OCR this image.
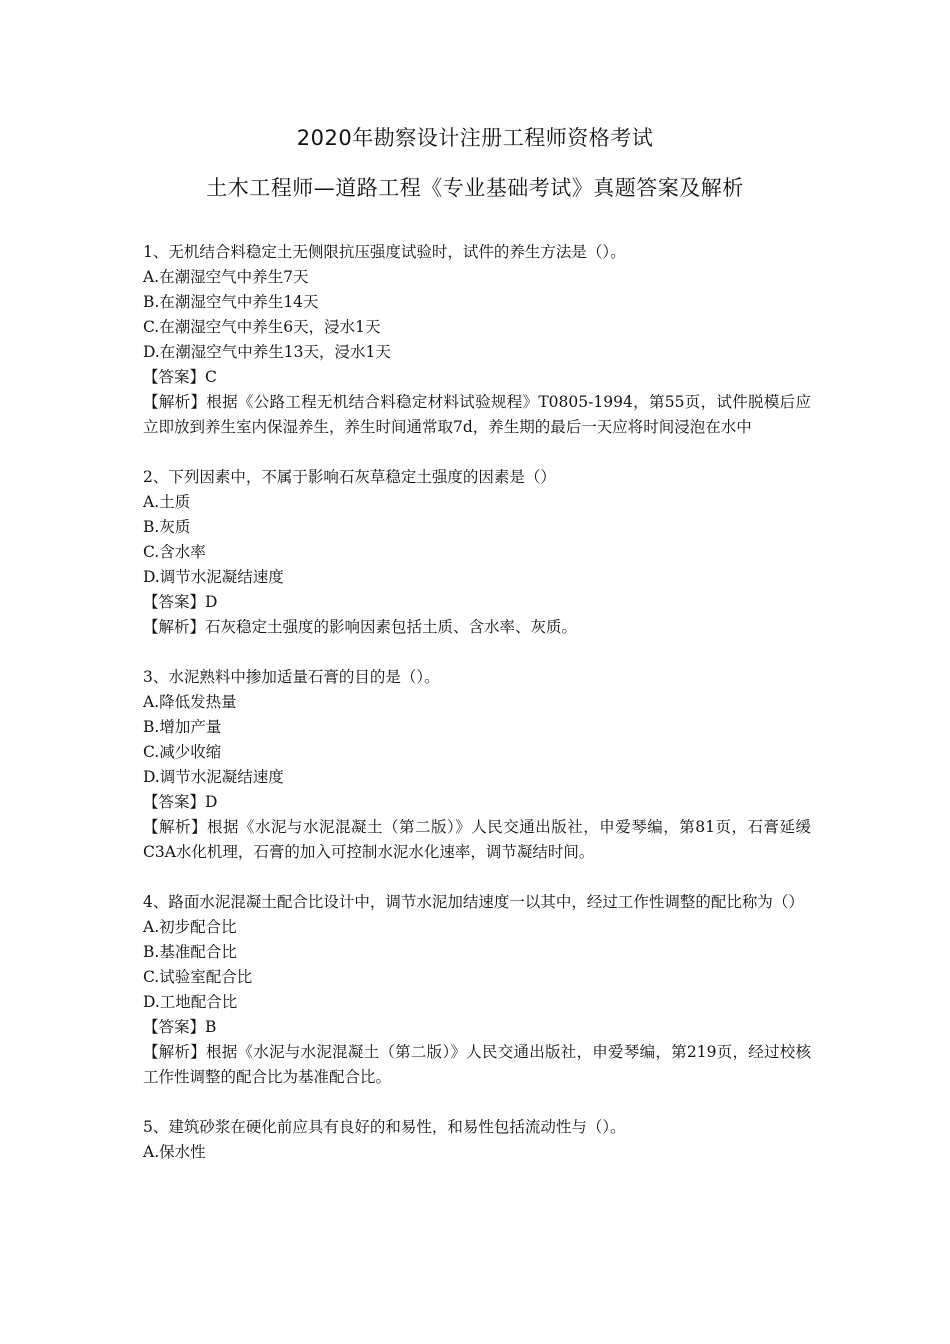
2020年勘察设计注册工程师资格考试
土木工程师—道路工程《专业基础考试》真题答案及解析

1、无机结合料稳定土无侧限抗压强度试验时，试件的养生方法是（）。

A.在潮湿空气中养生7天

B.在潮湿空气中养生14天

C.在潮湿空气中养生6天，浸水1天

D.在潮湿空气中养生13天，浸水1天

【答案】C

【解析】根据《公路工程无机结合料稳定材料试验规程》T0805-1994，第55页，试件脱模后应立即放到养生室内保湿养生，养生时间通常取7d，养生期的最后一天应将时间浸泡在水中

2、下列因素中，不属于影响石灰草稳定土强度的因素是（）

A.土质

B.灰质

C.含水率

D.调节水泥凝结速度

【答案】D

【解析】石灰稳定土强度的影响因素包括土质、含水率、灰质。

3、水泥熟料中掺加适量石膏的目的是（）。

A.降低发热量

B.增加产量

C.减少收缩

D.调节水泥凝结速度

【答案】D

【解析】根据《水泥与水泥混凝土（第二版）》人民交通出版社，申爱琴编，第81页，石膏延缓C3A水化机理，石膏的加入可控制水泥水化速率，调节凝结时间。

4、路面水泥混凝土配合比设计中，调节水泥加结速度一以其中，经过工作性调整的配比称为（）

A.初步配合比

B.基准配合比

C.试验室配合比

D.工地配合比

【答案】B

【解析】根据《水泥与水泥混凝土（第二版）》人民交通出版社，申爱琴编，第219页，经过校核工作性调整的配合比为基准配合比。

5、建筑砂浆在硬化前应具有良好的和易性，和易性包括流动性与（）。

A.保水性
